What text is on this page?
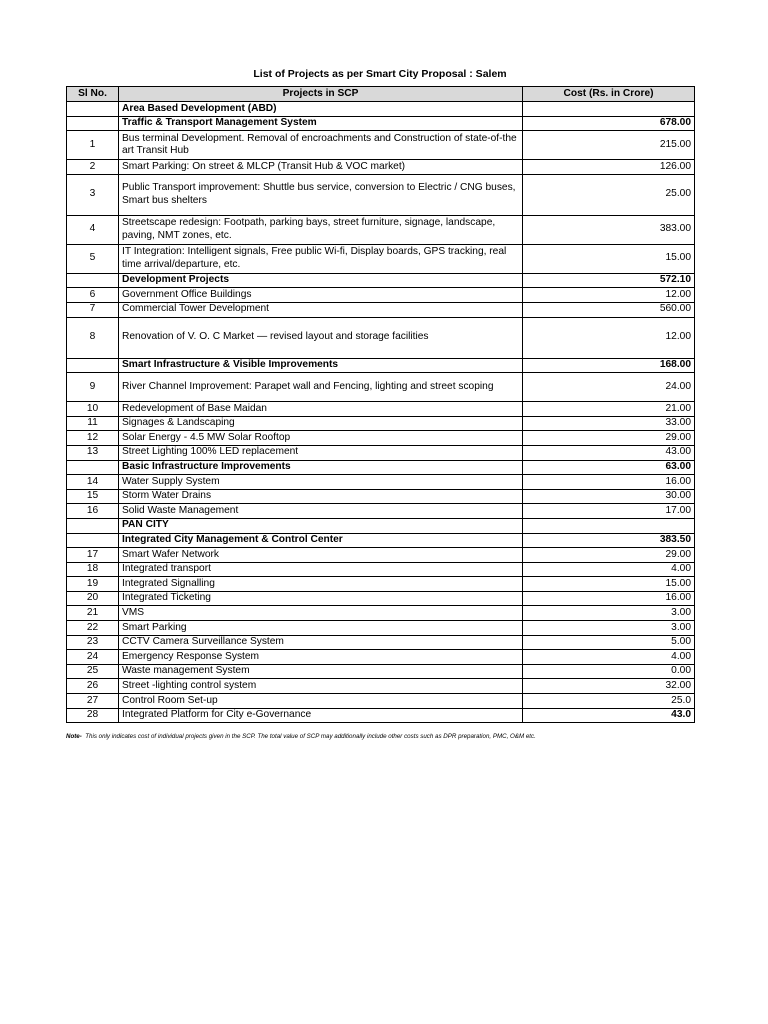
List of Projects as per Smart City Proposal : Salem
Sl No.	Projects in SCP	Cost (Rs. in Crore)
	Area Based Development (ABD)	
	Traffic & Transport Management System	678.00
1	Bus terminal Development. Removal of encroachments and Construction of state-of-the art Transit Hub	215.00
2	Smart Parking: On street & MLCP (Transit Hub & VOC market)	126.00
3	Public Transport improvement: Shuttle bus service, conversion to Electric / CNG buses, Smart bus shelters	25.00
4	Streetscape redesign: Footpath, parking bays, street furniture, signage, landscape, paving, NMT zones, etc.	383.00
5	IT Integration: Intelligent signals, Free public Wi-fi, Display boards, GPS tracking, real time arrival/departure, etc.	15.00
	Development Projects	572.10
6	Government Office Buildings	12.00
7	Commercial Tower Development	560.00
8	Renovation of V. O. C Market — revised layout and storage facilities	12.00
	Smart Infrastructure & Visible Improvements	168.00
9	River Channel Improvement: Parapet wall and Fencing, lighting and street scoping	24.00
10	Redevelopment of Base Maidan	21.00
11	Signages & Landscaping	33.00
12	Solar Energy - 4.5 MW Solar Rooftop	29.00
13	Street Lighting 100% LED replacement	43.00
	Basic Infrastructure Improvements	63.00
14	Water Supply System	16.00
15	Storm Water Drains	30.00
16	Solid Waste Management	17.00
	PAN CITY	
	Integrated City Management & Control Center	383.50
17	Smart Wafer Network	29.00
18	Integrated transport	4.00
19	Integrated Signalling	15.00
20	Integrated Ticketing	16.00
21	VMS	3.00
22	Smart Parking	3.00
23	CCTV Camera Surveillance System	5.00
24	Emergency Response System	4.00
25	Waste management System	0.00
26	Street -lighting control system	32.00
27	Control Room Set-up	25.0
28	Integrated Platform for City e-Governance	43.0
Note- This only indicates cost of individual projects given in the SCP. The total value of SCP may additionally include other costs such as DPR preparation, PMC, O&M etc.
